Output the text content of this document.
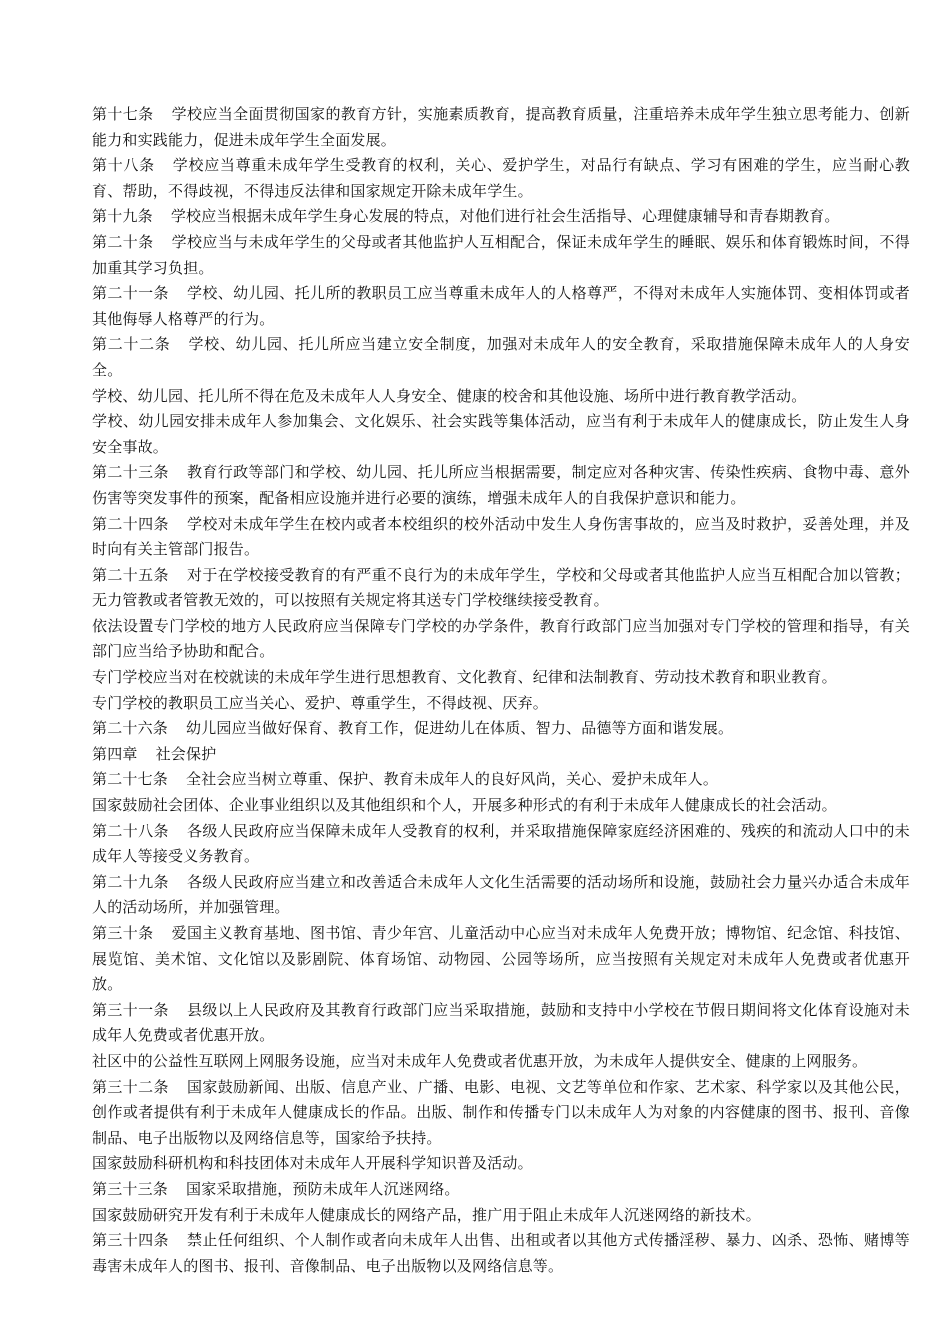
第十七条 学校应当全面贯彻国家的教育方针，实施素质教育，提高教育质量，注重培养未成年学生独立思考能力、创新能力和实践能力，促进未成年学生全面发展。

第十八条 学校应当尊重未成年学生受教育的权利，关心、爱护学生，对品行有缺点、学习有困难的学生，应当耐心教育、帮助，不得歧视，不得违反法律和国家规定开除未成年学生。

第十九条 学校应当根据未成年学生身心发展的特点，对他们进行社会生活指导、心理健康辅导和青春期教育。

第二十条 学校应当与未成年学生的父母或者其他监护人互相配合，保证未成年学生的睡眠、娱乐和体育锻炼时间，不得加重其学习负担。

第二十一条 学校、幼儿园、托儿所的教职员工应当尊重未成年人的人格尊严，不得对未成年人实施体罚、变相体罚或者其他侮辱人格尊严的行为。

第二十二条 学校、幼儿园、托儿所应当建立安全制度，加强对未成年人的安全教育，采取措施保障未成年人的人身安全。

学校、幼儿园、托儿所不得在危及未成年人人身安全、健康的校舍和其他设施、场所中进行教育教学活动。

学校、幼儿园安排未成年人参加集会、文化娱乐、社会实践等集体活动，应当有利于未成年人的健康成长，防止发生人身安全事故。

第二十三条 教育行政等部门和学校、幼儿园、托儿所应当根据需要，制定应对各种灾害、传染性疾病、食物中毒、意外伤害等突发事件的预案，配备相应设施并进行必要的演练，增强未成年人的自我保护意识和能力。

第二十四条 学校对未成年学生在校内或者本校组织的校外活动中发生人身伤害事故的，应当及时救护，妥善处理，并及时向有关主管部门报告。

第二十五条 对于在学校接受教育的有严重不良行为的未成年学生，学校和父母或者其他监护人应当互相配合加以管教；无力管教或者管教无效的，可以按照有关规定将其送专门学校继续接受教育。

依法设置专门学校的地方人民政府应当保障专门学校的办学条件，教育行政部门应当加强对专门学校的管理和指导，有关部门应当给予协助和配合。

专门学校应当对在校就读的未成年学生进行思想教育、文化教育、纪律和法制教育、劳动技术教育和职业教育。

专门学校的教职员工应当关心、爱护、尊重学生，不得歧视、厌弃。

第二十六条 幼儿园应当做好保育、教育工作，促进幼儿在体质、智力、品德等方面和谐发展。

第四章 社会保护

第二十七条 全社会应当树立尊重、保护、教育未成年人的良好风尚，关心、爱护未成年人。

国家鼓励社会团体、企业事业组织以及其他组织和个人，开展多种形式的有利于未成年人健康成长的社会活动。

第二十八条 各级人民政府应当保障未成年人受教育的权利，并采取措施保障家庭经济困难的、残疾的和流动人口中的未成年人等接受义务教育。

第二十九条 各级人民政府应当建立和改善适合未成年人文化生活需要的活动场所和设施，鼓励社会力量兴办适合未成年人的活动场所，并加强管理。

第三十条 爱国主义教育基地、图书馆、青少年宫、儿童活动中心应当对未成年人免费开放；博物馆、纪念馆、科技馆、展览馆、美术馆、文化馆以及影剧院、体育场馆、动物园、公园等场所，应当按照有关规定对未成年人免费或者优惠开放。

第三十一条 县级以上人民政府及其教育行政部门应当采取措施，鼓励和支持中小学校在节假日期间将文化体育设施对未成年人免费或者优惠开放。

社区中的公益性互联网上网服务设施，应当对未成年人免费或者优惠开放，为未成年人提供安全、健康的上网服务。

第三十二条 国家鼓励新闻、出版、信息产业、广播、电影、电视、文艺等单位和作家、艺术家、科学家以及其他公民，创作或者提供有利于未成年人健康成长的作品。出版、制作和传播专门以未成年人为对象的内容健康的图书、报刊、音像制品、电子出版物以及网络信息等，国家给予扶持。

国家鼓励科研机构和科技团体对未成年人开展科学知识普及活动。

第三十三条 国家采取措施，预防未成年人沉迷网络。

国家鼓励研究开发有利于未成年人健康成长的网络产品，推广用于阻止未成年人沉迷网络的新技术。

第三十四条 禁止任何组织、个人制作或者向未成年人出售、出租或者以其他方式传播淫秽、暴力、凶杀、恐怖、赌博等毒害未成年人的图书、报刊、音像制品、电子出版物以及网络信息等。
